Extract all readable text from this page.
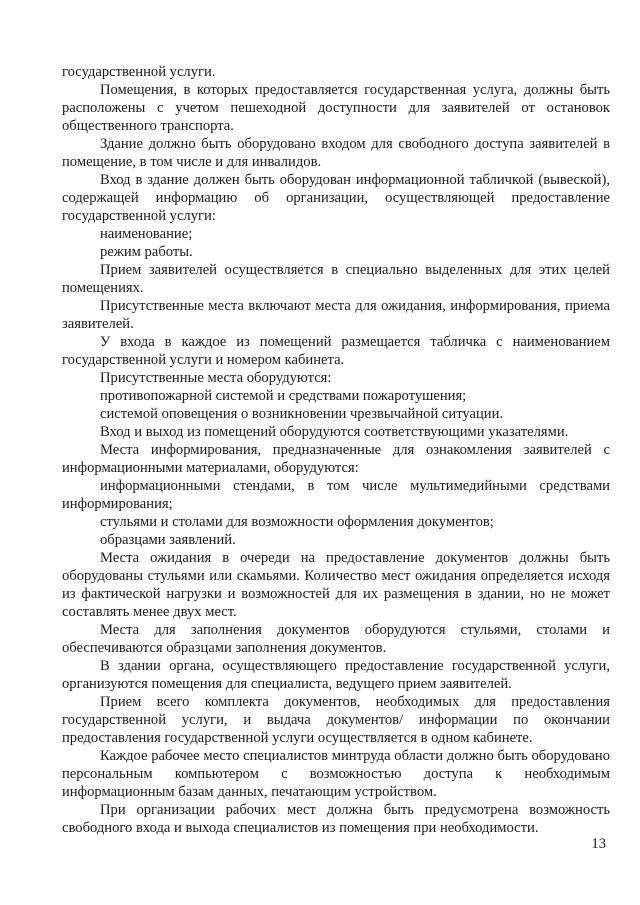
государственной услуги.

Помещения, в которых предоставляется государственная услуга, должны быть расположены с учетом пешеходной доступности для заявителей от остановок общественного транспорта.

Здание должно быть оборудовано входом для свободного доступа заявителей в помещение, в том числе и для инвалидов.

Вход в здание должен быть оборудован информационной табличкой (вывеской), содержащей информацию об организации, осуществляющей предоставление государственной услуги:

наименование;

режим работы.

Прием заявителей осуществляется в специально выделенных для этих целей помещениях.

Присутственные места включают места для ожидания, информирования, приема заявителей.

У входа в каждое из помещений размещается табличка с наименованием государственной услуги и номером кабинета.

Присутственные места оборудуются:

противопожарной системой и средствами пожаротушения;

системой оповещения о возникновении чрезвычайной ситуации.

Вход и выход из помещений оборудуются соответствующими указателями.

Места информирования, предназначенные для ознакомления заявителей с информационными материалами, оборудуются:

информационными стендами, в том числе мультимедийными средствами информирования;

стульями и столами для возможности оформления документов;

образцами заявлений.

Места ожидания в очереди на предоставление документов должны быть оборудованы стульями или скамьями. Количество мест ожидания определяется исходя из фактической нагрузки и возможностей для их размещения в здании, но не может составлять менее двух мест.

Места для заполнения документов оборудуются стульями, столами и обеспечиваются образцами заполнения документов.

В здании органа, осуществляющего предоставление государственной услуги, организуются помещения для специалиста, ведущего прием заявителей.

Прием всего комплекта документов, необходимых для предоставления государственной услуги, и выдача документов/ информации по окончании предоставления государственной услуги осуществляется в одном кабинете.

Каждое рабочее место специалистов минтруда области должно быть оборудовано персональным компьютером с возможностью доступа к необходимым информационным базам данных, печатающим устройством.

При организации рабочих мест должна быть предусмотрена возможность свободного входа и выхода специалистов из помещения при необходимости.

13
